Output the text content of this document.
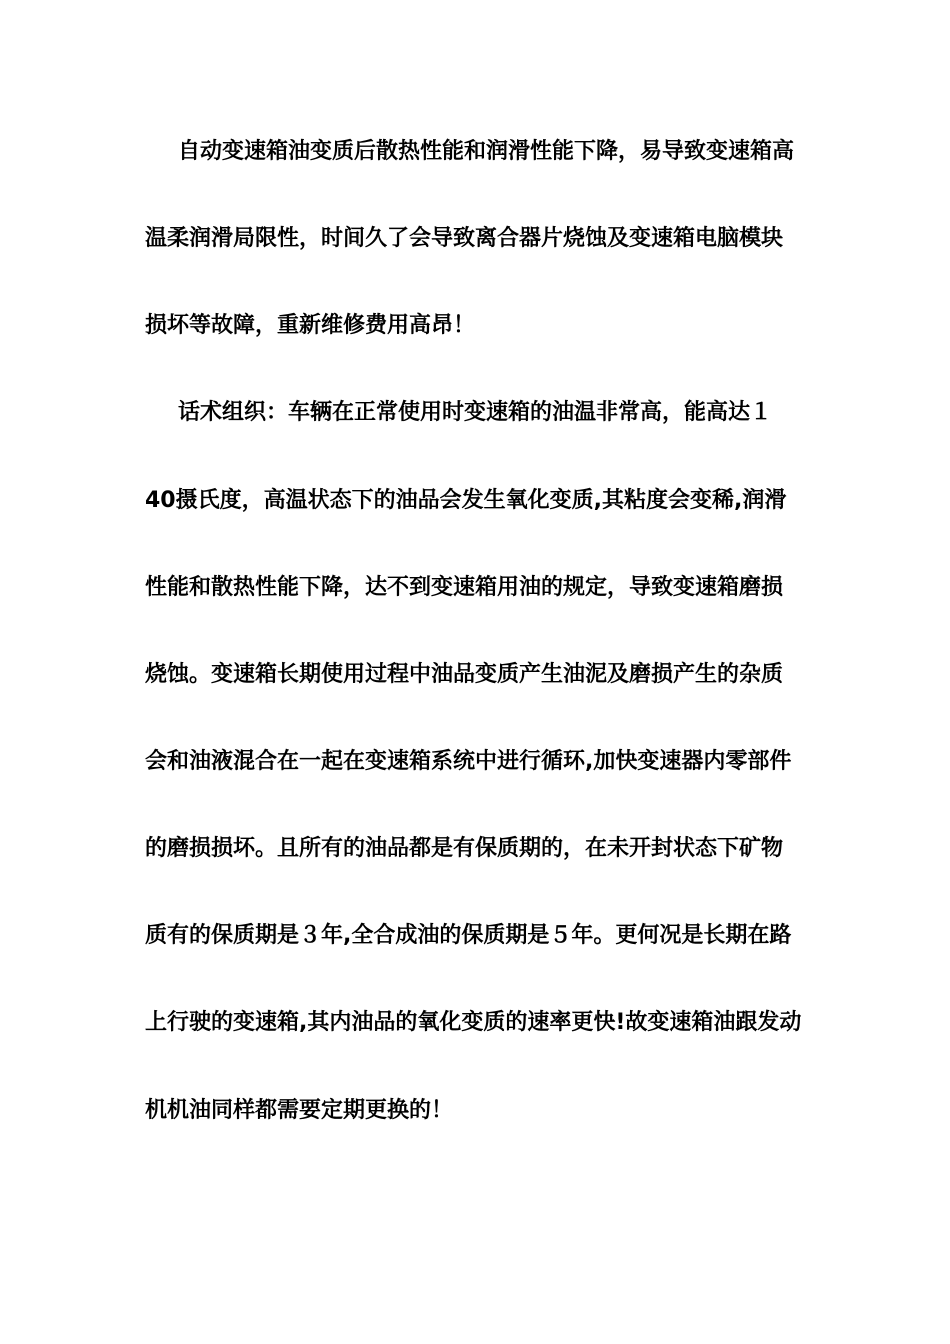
自动变速箱油变质后散热性能和润滑性能下降，易导致变速箱高
温柔润滑局限性，时间久了会导致离合器片烧蚀及变速箱电脑模块
损坏等故障，重新维修费用高昂！
话术组织：车辆在正常使用时变速箱的油温非常高，能高达１
40摄氏度，高温状态下的油品会发生氧化变质,其粘度会变稀,润滑
性能和散热性能下降，达不到变速箱用油的规定，导致变速箱磨损
烧蚀。变速箱长期使用过程中油品变质产生油泥及磨损产生的杂质
会和油液混合在一起在变速箱系统中进行循环,加快变速器内零部件
的磨损损坏。且所有的油品都是有保质期的，在未开封状态下矿物
质有的保质期是３年,全合成油的保质期是５年。更何况是长期在路
上行驶的变速箱,其内油品的氧化变质的速率更快!故变速箱油跟发动
机机油同样都需要定期更换的！
